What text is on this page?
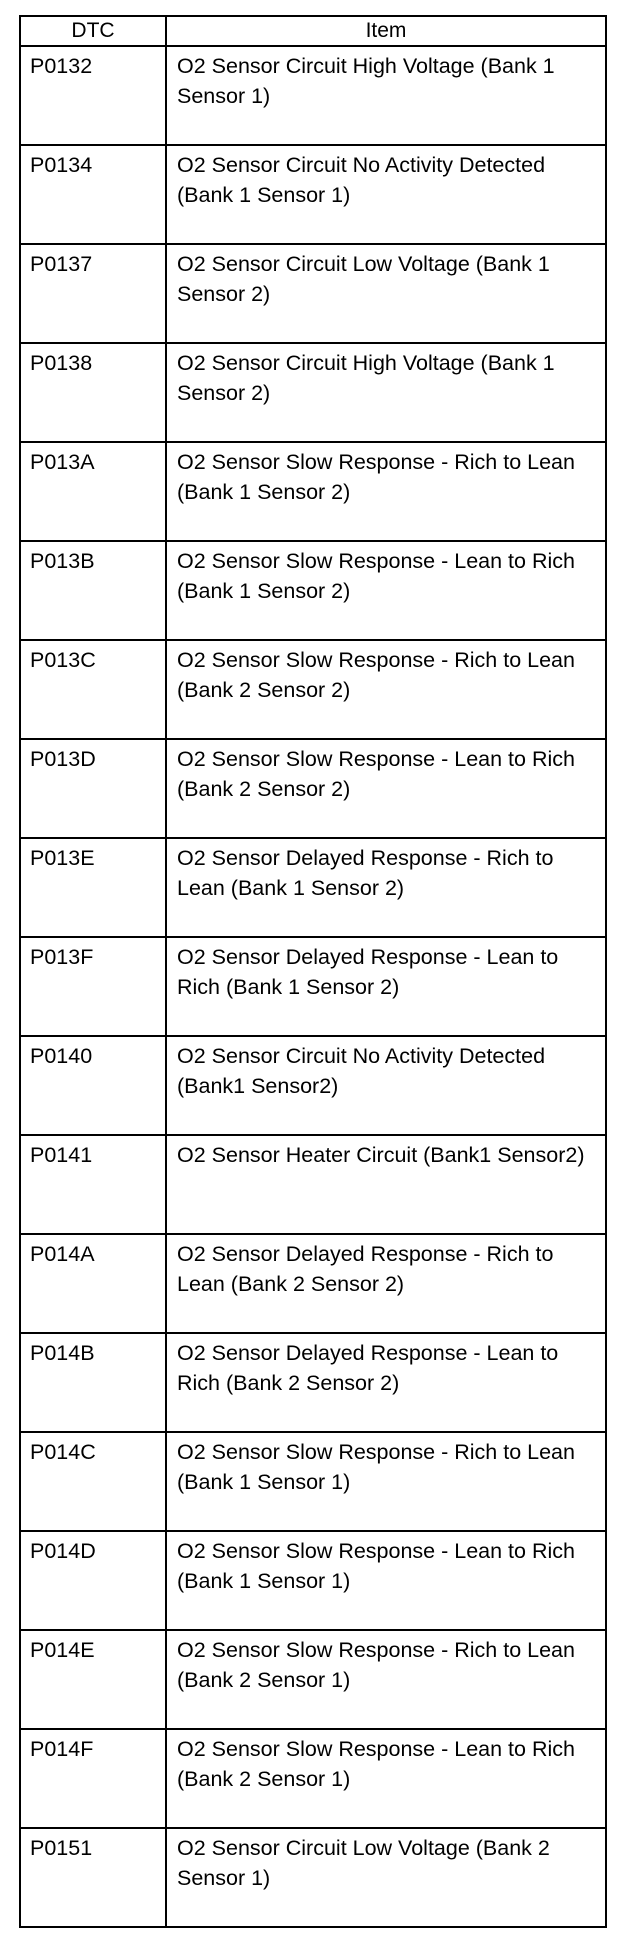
DTC	Item
P0132	O2 Sensor Circuit High Voltage (Bank 1 Sensor 1)
P0134	O2 Sensor Circuit No Activity Detected (Bank 1 Sensor 1)
P0137	O2 Sensor Circuit Low Voltage (Bank 1 Sensor 2)
P0138	O2 Sensor Circuit High Voltage (Bank 1 Sensor 2)
P013A	O2 Sensor Slow Response - Rich to Lean (Bank 1 Sensor 2)
P013B	O2 Sensor Slow Response - Lean to Rich (Bank 1 Sensor 2)
P013C	O2 Sensor Slow Response - Rich to Lean (Bank 2 Sensor 2)
P013D	O2 Sensor Slow Response - Lean to Rich (Bank 2 Sensor 2)
P013E	O2 Sensor Delayed Response - Rich to Lean (Bank 1 Sensor 2)
P013F	O2 Sensor Delayed Response - Lean to Rich (Bank 1 Sensor 2)
P0140	O2 Sensor Circuit No Activity Detected (Bank1 Sensor2)
P0141	O2 Sensor Heater Circuit (Bank1 Sensor2)
P014A	O2 Sensor Delayed Response - Rich to Lean (Bank 2 Sensor 2)
P014B	O2 Sensor Delayed Response - Lean to Rich (Bank 2 Sensor 2)
P014C	O2 Sensor Slow Response - Rich to Lean (Bank 1 Sensor 1)
P014D	O2 Sensor Slow Response - Lean to Rich (Bank 1 Sensor 1)
P014E	O2 Sensor Slow Response - Rich to Lean (Bank 2 Sensor 1)
P014F	O2 Sensor Slow Response - Lean to Rich (Bank 2 Sensor 1)
P0151	O2 Sensor Circuit Low Voltage (Bank 2 Sensor 1)
